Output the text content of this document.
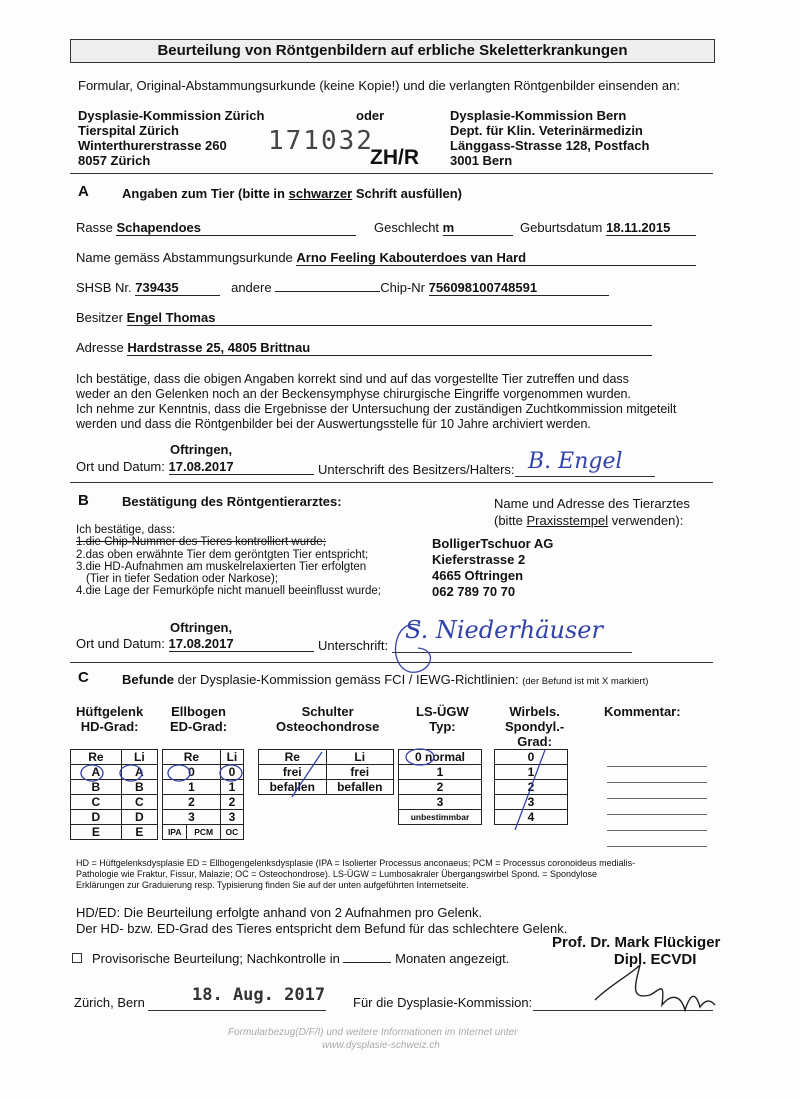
Beurteilung von Röntgenbildern auf erbliche Skeletterkrankungen
Formular, Original-Abstammungsurkunde (keine Kopie!) und die verlangten Röntgenbilder einsenden an:
Dysplasie-Kommission Zürich
Tierspital Zürich
Winterthurerstrasse 260
8057 Zürich
oder
171032
ZH/R
Dysplasie-Kommission Bern
Dept. für Klin. Veterinärmedizin
Länggass-Strasse 128, Postfach
3001 Bern
A	Angaben zum Tier (bitte in schwarzer Schrift ausfüllen)
Rasse Schapendoes	Geschlecht m	Geburtsdatum 18.11.2015
Name gemäss Abstammungsurkunde Arno Feeling Kabouterdoes van Hard
SHSB Nr. 739435	andere	Chip-Nr 756098100748591
Besitzer Engel Thomas
Adresse Hardstrasse 25, 4805 Brittnau
Ich bestätige, dass die obigen Angaben korrekt sind und auf das vorgestellte Tier zutreffen und dass
weder an den Gelenken noch an der Beckensymphyse chirurgische Eingriffe vorgenommen wurden.
Ich nehme zur Kenntnis, dass die Ergebnisse der Untersuchung der zuständigen Zuchtkommission mitgeteilt
werden und dass die Röntgenbilder bei der Auswertungsstelle für 10 Jahre archiviert werden.
Oftringen,
Ort und Datum: 17.08.2017	Unterschrift des Besitzers/Halters: B. Engel
B	Bestätigung des Röntgentierarztes:	Name und Adresse des Tierarztes
(bitte Praxisstempel verwenden):
Ich bestätige, dass:
1.die Chip-Nummer des Tieres kontrolliert wurde;
2.das oben erwähnte Tier dem geröntgten Tier entspricht;
3.die HD-Aufnahmen am muskelrelaxierten Tier erfolgten
(Tier in tiefer Sedation oder Narkose);
4.die Lage der Femurköpfe nicht manuell beeinflusst wurde;
BolligerTschuor AG
Kieferstrasse 2
4665 Oftringen
062 789 70 70
Oftringen,
Ort und Datum: 17.08.2017	Unterschrift:
S. Niederhäuser
C	Befunde der Dysplasie-Kommission gemäss FCI / IEWG-Richtlinien: (der Befund ist mit X markiert)
Hüftgelenk
HD-Grad:
Ellbogen
ED-Grad:
Schulter
Osteochondrose
LS-ÜGW
Typ:
Wirbels.
Spondyl.-
Grad:
Kommentar:
Re	Li
A	A
B	B
C	C
D	D
E	E
Re		Li
0		0
1		1
2		2
3		3
IPA	PCM	OC
Re	Li
frei	frei
befallen	befallen
0 normal
1
2
3
unbestimmbar
0
1
2
3
4
HD = Hüftgelenksdysplasie ED = Ellbogengelenksdysplasie (IPA = Isolierter Processus anconaeus; PCM = Processus coronoideus medialis-
Pathologie wie Fraktur, Fissur, Malazie; OC = Osteochondrose). LS-ÜGW = Lumbosakraler Übergangswirbel Spond. = Spondylose
Erklärungen zur Graduierung resp. Typisierung finden Sie auf der unten aufgeführten Internetseite.
HD/ED: Die Beurteilung erfolgte anhand von 2 Aufnahmen pro Gelenk.
Der HD- bzw. ED-Grad des Tieres entspricht dem Befund für das schlechtere Gelenk.
Prof. Dr. Mark Flückiger
Dipl. ECVDI
Provisorische Beurteilung; Nachkontrolle in	Monaten angezeigt.
Zürich, Bern	18. Aug. 2017 Für die Dysplasie-Kommission:
Formularbezug(D/F/I) und weitere Informationen im Internet unter
www.dysplasie-schweiz.ch
